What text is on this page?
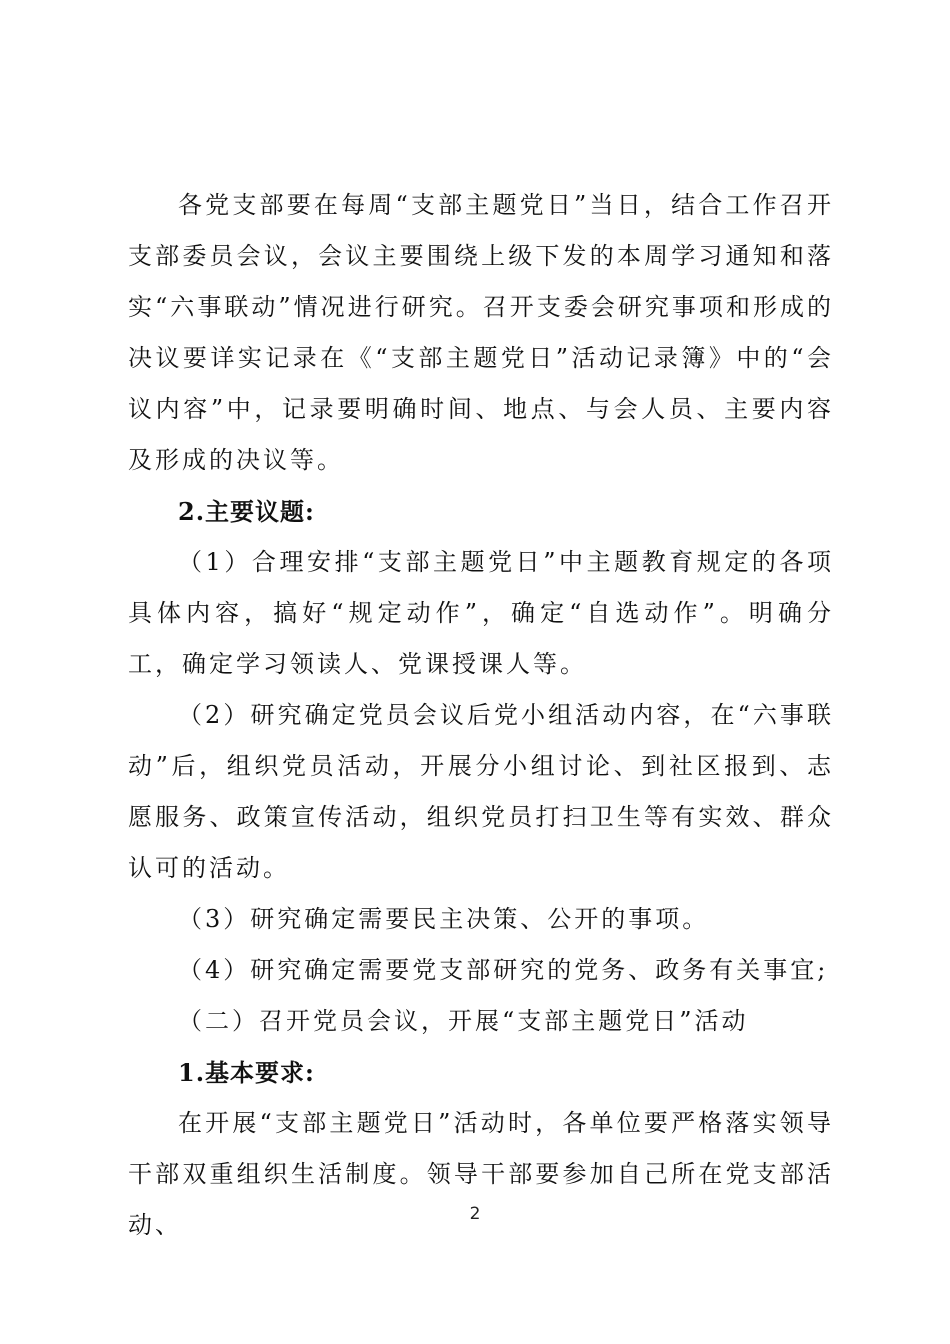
各党支部要在每周“支部主题党日”当日，结合工作召开支部委员会议，会议主要围绕上级下发的本周学习通知和落实“六事联动”情况进行研究。召开支委会研究事项和形成的决议要详实记录在《“支部主题党日”活动记录簿》中的“会议内容”中，记录要明确时间、地点、与会人员、主要内容及形成的决议等。

2.主要议题:

（1）合理安排“支部主题党日”中主题教育规定的各项具体内容，搞好“规定动作”，确定“自选动作”。明确分工，确定学习领读人、党课授课人等。

（2）研究确定党员会议后党小组活动内容，在“六事联动”后，组织党员活动，开展分小组讨论、到社区报到、志愿服务、政策宣传活动，组织党员打扫卫生等有实效、群众认可的活动。

（3）研究确定需要民主决策、公开的事项。

（4）研究确定需要党支部研究的党务、政务有关事宜;

（二）召开党员会议，开展“支部主题党日”活动

1.基本要求:

在开展“支部主题党日”活动时，各单位要严格落实领导干部双重组织生活制度。领导干部要参加自己所在党支部活动、	2
